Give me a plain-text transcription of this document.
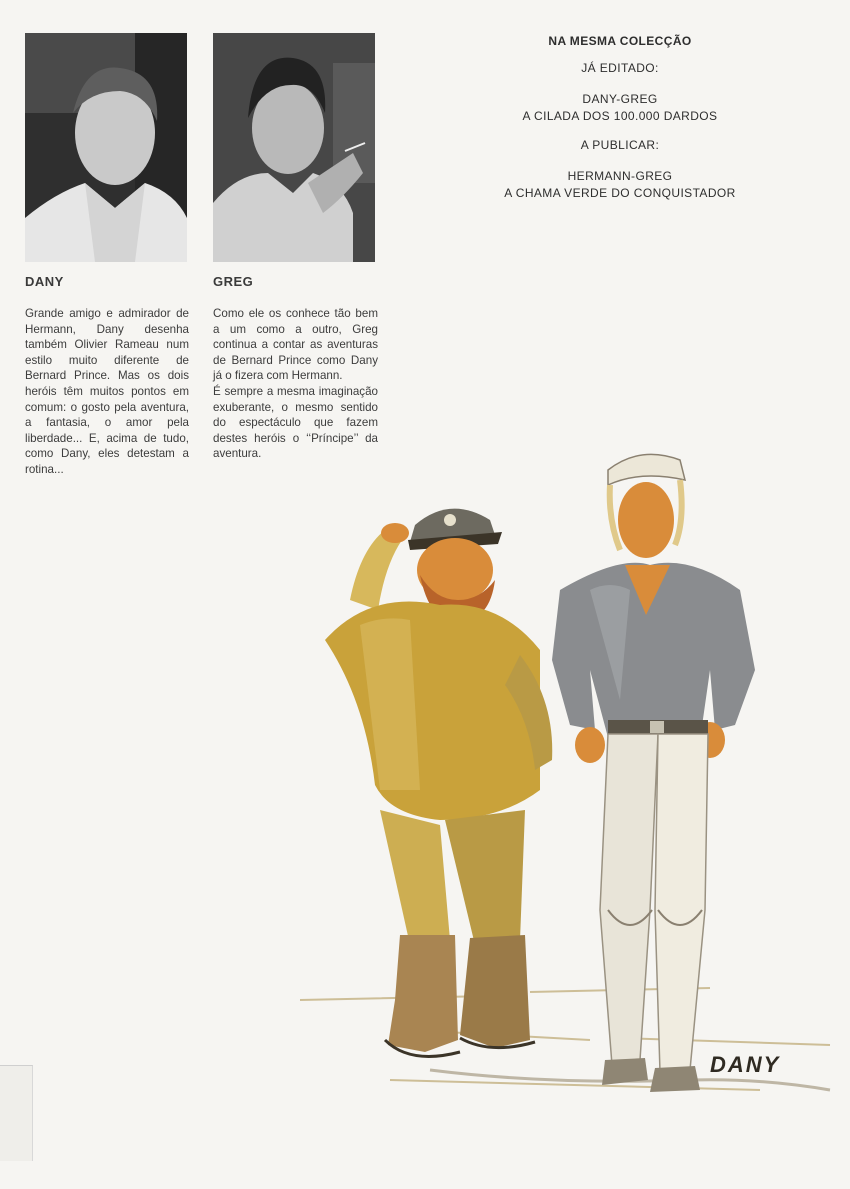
DANY	GREG

Grande amigo e admirador de Hermann, Dany desenha também Olivier Rameau num estilo muito diferente de Bernard Prince. Mas os dois heróis têm muitos pontos em comum: o gosto pela aventura, a fantasia, o amor pela liberdade... E, acima de tudo, como Dany, eles detestam a rotina...

Como ele os conhece tão bem a um como a outro, Greg continua a contar as aventuras de Bernard Prince como Dany já o fizera com Hermann.

É sempre a mesma imaginação exuberante, o mesmo sentido do espectáculo que fazem destes heróis o ‘‘Príncipe’’ da aventura.

NA MESMA COLECÇÃO
JÁ EDITADO:
DANY-GREG
A CILADA DOS 100.000 DARDOS
A PUBLICAR:
HERMANN-GREG
A CHAMA VERDE DO CONQUISTADOR
DANY
